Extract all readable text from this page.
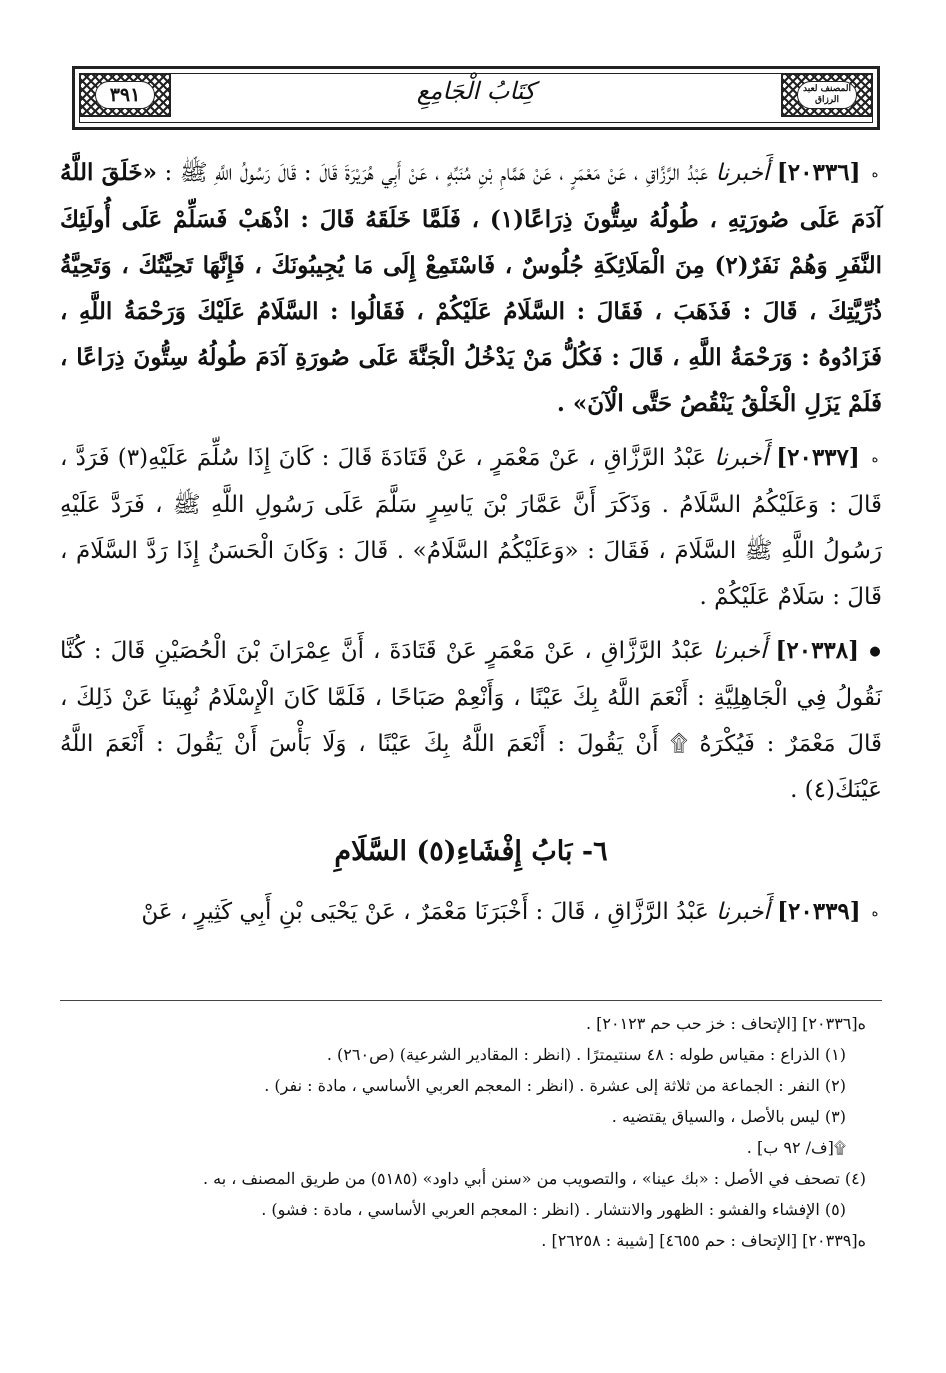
٣٩١	كِتَابُ الْجَامِعِ	المصنف لعبد الرزاق

ه [٢٠٣٣٦] أَخبرنا عَبْدُ الرَّزَّاقِ ، عَنْ مَعْمَرٍ ، عَنْ هَمَّامِ بْنِ مُنَبِّهٍ ، عَنْ أَبِي هُرَيْرَةَ قَالَ : قَالَ رَسُولُ اللَّهِ ﷺ : «خَلَقَ اللَّهُ آدَمَ عَلَى صُورَتِهِ ، طُولُهُ سِتُّونَ ذِرَاعًا(١) ، فَلَمَّا خَلَقَهُ قَالَ : اذْهَبْ فَسَلِّمْ عَلَى أُولَئِكَ النَّفَرِ وَهُمْ نَفَرٌ(٢) مِنَ الْمَلَائِكَةِ جُلُوسٌ ، فَاسْتَمِعْ إِلَى مَا يُجِيبُونَكَ ، فَإِنَّهَا تَحِيَّتُكَ ، وَتَحِيَّةُ ذُرِّيَّتِكَ ، قَالَ : فَذَهَبَ ، فَقَالَ : السَّلَامُ عَلَيْكُمْ ، فَقَالُوا : السَّلَامُ عَلَيْكَ وَرَحْمَةُ اللَّهِ ، فَزَادُوهُ : وَرَحْمَةُ اللَّهِ ، قَالَ : فَكُلُّ مَنْ يَدْخُلُ الْجَنَّةَ عَلَى صُورَةِ آدَمَ طُولُهُ سِتُّونَ ذِرَاعًا ، فَلَمْ يَزَلِ الْخَلْقُ يَنْقُصُ حَتَّى الْآنَ» .

ه [٢٠٣٣٧] أَخبرنا عَبْدُ الرَّزَّاقِ ، عَنْ مَعْمَرٍ ، عَنْ قَتَادَةَ قَالَ : كَانَ إِذَا سُلِّمَ عَلَيْهِ(٣) فَرَدَّ ، قَالَ : وَعَلَيْكُمُ السَّلَامُ . وَذَكَرَ أَنَّ عَمَّارَ بْنَ يَاسِرٍ سَلَّمَ عَلَى رَسُولِ اللَّهِ ﷺ ، فَرَدَّ عَلَيْهِ رَسُولُ اللَّهِ ﷺ السَّلَامَ ، فَقَالَ : «وَعَلَيْكُمُ السَّلَامُ» . قَالَ : وَكَانَ الْحَسَنُ إِذَا رَدَّ السَّلَامَ ، قَالَ : سَلَامٌ عَلَيْكُمْ .

● [٢٠٣٣٨] أَخبرنا عَبْدُ الرَّزَّاقِ ، عَنْ مَعْمَرٍ عَنْ قَتَادَةَ ، أَنَّ عِمْرَانَ بْنَ الْحُصَيْنِ قَالَ : كُنَّا نَقُولُ فِي الْجَاهِلِيَّةِ : أَنْعَمَ اللَّهُ بِكَ عَيْنًا ، وَأَنْعِمْ صَبَاحًا ، فَلَمَّا كَانَ الْإِسْلَامُ نُهِينَا عَنْ ذَلِكَ ، قَالَ مَعْمَرٌ : فَيُكْرَهُ ۩ أَنْ يَقُولَ : أَنْعَمَ اللَّهُ بِكَ عَيْنًا ، وَلَا بَأْسَ أَنْ يَقُولَ : أَنْعَمَ اللَّهُ عَيْنَكَ(٤) .

٦- بَابُ إِفْشَاءِ(٥) السَّلَامِ

ه [٢٠٣٣٩] أَخبرنا عَبْدُ الرَّزَّاقِ ، قَالَ : أَخْبَرَنَا مَعْمَرٌ ، عَنْ يَحْيَى بْنِ أَبِي كَثِيرٍ ، عَنْ

ه[٢٠٣٣٦] [الإتحاف : خز حب حم ٢٠١٢٣] .

(١) الذراع : مقياس طوله : ٤٨ سنتيمترًا . (انظر : المقادير الشرعية) (ص٢٦٠) .

(٢) النفر : الجماعة من ثلاثة إلى عشرة . (انظر : المعجم العربي الأساسي ، مادة : نفر) .

(٣) ليس بالأصل ، والسياق يقتضيه .

۩[ف/ ٩٢ ب] .

(٤) تصحف في الأصل : «بك عينا» ، والتصويب من «سنن أبي داود» (٥١٨٥) من طريق المصنف ، به .

(٥) الإفشاء والفشو : الظهور والانتشار . (انظر : المعجم العربي الأساسي ، مادة : فشو) .

ه[٢٠٣٣٩] [الإتحاف : حم ٤٦٥٥] [شيبة : ٢٦٢٥٨] .
